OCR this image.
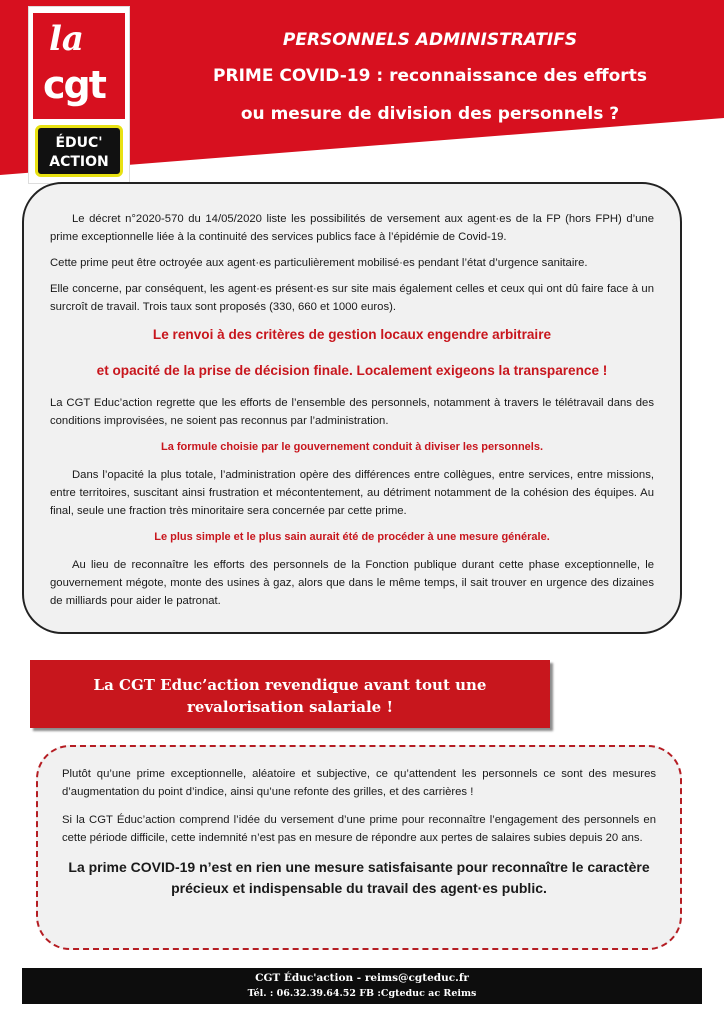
la
cgt
ÉDUC'
ACTION
PERSONNELS ADMINISTRATIFS
PRIME COVID-19 : reconnaissance des efforts
ou mesure de division des personnels ?

Le décret n°2020-570 du 14/05/2020 liste les possibilités de versement aux agent·es de la FP (hors FPH) d’une prime exceptionnelle liée à la continuité des services publics face à l’épidémie de Covid-19.

Cette prime peut être octroyée aux agent·es particulièrement mobilisé·es pendant l’état d’urgence sanitaire.

Elle concerne, par conséquent, les agent·es présent·es sur site mais également celles et ceux qui ont dû faire face à un surcroît de travail. Trois taux sont proposés (330, 660 et 1000 euros).

Le renvoi à des critères de gestion locaux engendre arbitraire

et opacité de la prise de décision finale. Localement exigeons la transparence !

La CGT Educ’action regrette que les efforts de l’ensemble des personnels, notamment à travers le télétravail dans des conditions improvisées, ne soient pas reconnus par l’administration.

La formule choisie par le gouvernement conduit à diviser les personnels.

Dans l’opacité la plus totale, l’administration opère des différences entre collègues, entre services, entre missions, entre territoires, suscitant ainsi frustration et mécontentement, au détriment notamment de la cohésion des équipes. Au final, seule une fraction très minoritaire sera concernée par cette prime.

Le plus simple et le plus sain aurait été de procéder à une mesure générale.

Au lieu de reconnaître les efforts des personnels de la Fonction publique durant cette phase exceptionnelle, le gouvernement mégote, monte des usines à gaz, alors que dans le même temps, il sait trouver en urgence des dizaines de milliards pour aider le patronat.

La CGT Educ’action revendique avant tout une
revalorisation salariale !

Plutôt qu’une prime exceptionnelle, aléatoire et subjective, ce qu’attendent les personnels ce sont des mesures d’augmentation du point d’indice, ainsi qu’une refonte des grilles, et des carrières !

Si la CGT Éduc’action comprend l’idée du versement d’une prime pour reconnaître l’engagement des personnels en cette période difficile, cette indemnité n’est pas en mesure de répondre aux pertes de salaires subies depuis 20 ans.

La prime COVID-19 n’est en rien une mesure satisfaisante pour reconnaître le caractère précieux et indispensable du travail des agent·es public.

CGT Éduc'action - reims@cgteduc.fr
Tél. : 06.32.39.64.52 FB :Cgteduc ac Reims
